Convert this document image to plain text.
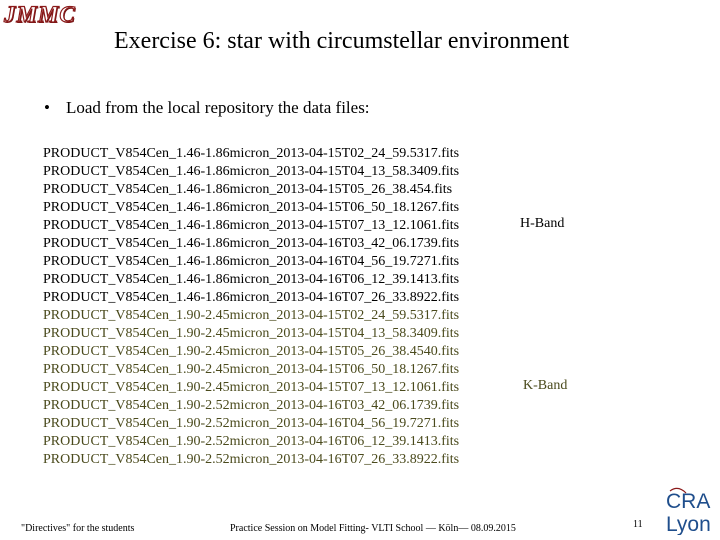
JMMC
Exercise 6: star with circumstellar environment
• Load from the local repository the data files:
PRODUCT_V854Cen_1.46-1.86micron_2013-04-15T02_24_59.5317.fits
PRODUCT_V854Cen_1.46-1.86micron_2013-04-15T04_13_58.3409.fits
PRODUCT_V854Cen_1.46-1.86micron_2013-04-15T05_26_38.454.fits
PRODUCT_V854Cen_1.46-1.86micron_2013-04-15T06_50_18.1267.fits
PRODUCT_V854Cen_1.46-1.86micron_2013-04-15T07_13_12.1061.fits
PRODUCT_V854Cen_1.46-1.86micron_2013-04-16T03_42_06.1739.fits
PRODUCT_V854Cen_1.46-1.86micron_2013-04-16T04_56_19.7271.fits
PRODUCT_V854Cen_1.46-1.86micron_2013-04-16T06_12_39.1413.fits
PRODUCT_V854Cen_1.46-1.86micron_2013-04-16T07_26_33.8922.fits
PRODUCT_V854Cen_1.90-2.45micron_2013-04-15T02_24_59.5317.fits
PRODUCT_V854Cen_1.90-2.45micron_2013-04-15T04_13_58.3409.fits
PRODUCT_V854Cen_1.90-2.45micron_2013-04-15T05_26_38.4540.fits
PRODUCT_V854Cen_1.90-2.45micron_2013-04-15T06_50_18.1267.fits
PRODUCT_V854Cen_1.90-2.45micron_2013-04-15T07_13_12.1061.fits
PRODUCT_V854Cen_1.90-2.52micron_2013-04-16T03_42_06.1739.fits
PRODUCT_V854Cen_1.90-2.52micron_2013-04-16T04_56_19.7271.fits
PRODUCT_V854Cen_1.90-2.52micron_2013-04-16T06_12_39.1413.fits
PRODUCT_V854Cen_1.90-2.52micron_2013-04-16T07_26_33.8922.fits
H-Band
K-Band
"Directives" for the students	Practice Session on Model Fitting- VLTI School — Köln— 08.09.2015	11
CRA
Lyon
